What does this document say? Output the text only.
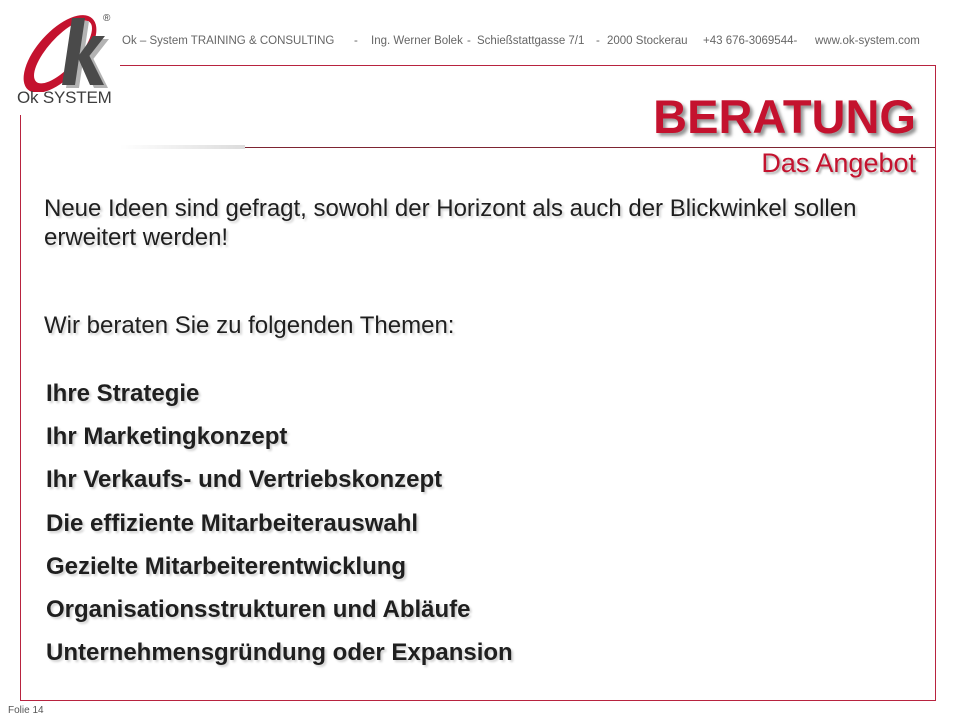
®
Ok SYSTEM
Ok – System TRAINING & CONSULTING - Ing. Werner Bolek - Schießstattgasse 7/1 - 2000 Stockerau +43 676-3069544- www.ok-system.com
BERATUNG
Das Angebot

Neue Ideen sind gefragt, sowohl der Horizont als auch der Blickwinkel sollen erweitert werden!

Wir beraten Sie zu folgenden Themen:

Ihre Strategie
Ihr Marketingkonzept
Ihr Verkaufs- und Vertriebskonzept
Die effiziente Mitarbeiterauswahl
Gezielte Mitarbeiterentwicklung
Organisationsstrukturen und Abläufe
Unternehmensgründung oder Expansion
Folie 14
